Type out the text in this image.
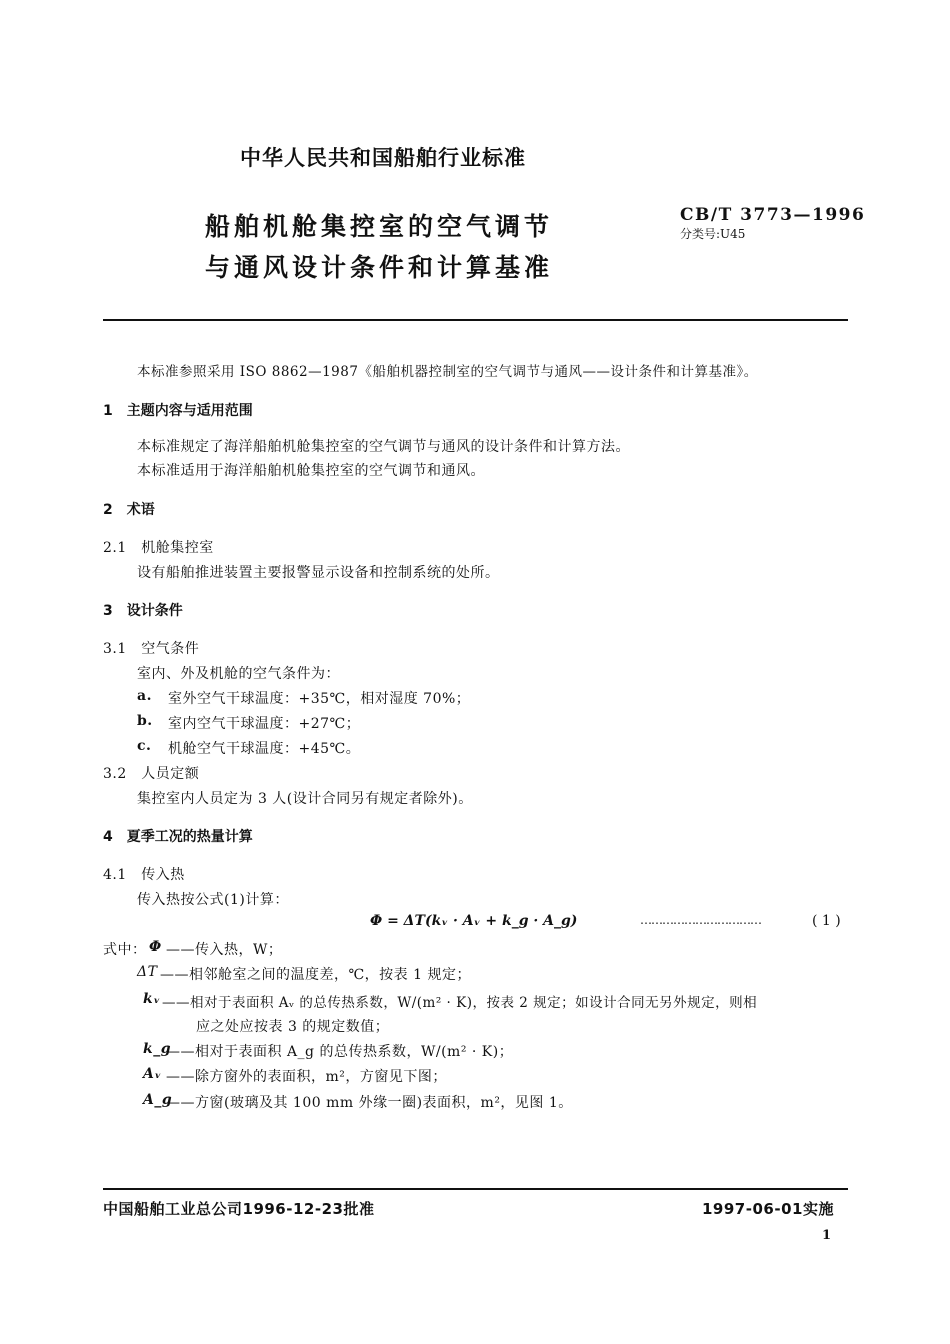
中华人民共和国船舶行业标准
船舶机舱集控室的空气调节
与通风设计条件和计算基准
CB/T 3773—1996
分类号:U45
本标准参照采用 ISO 8862—1987《船舶机器控制室的空气调节与通风——设计条件和计算基准》。
1　主题内容与适用范围
本标准规定了海洋船舶机舱集控室的空气调节与通风的设计条件和计算方法。
本标准适用于海洋船舶机舱集控室的空气调节和通风。
2　术语
2.1　机舱集控室
设有船舶推进装置主要报警显示设备和控制系统的处所。
3　设计条件
3.1　空气条件
室内、外及机舱的空气条件为：
a. 室外空气干球温度：+35℃，相对湿度 70%；
b. 室内空气干球温度：+27℃；
c. 机舱空气干球温度：+45℃。
3.2　人员定额
集控室内人员定为 3 人(设计合同另有规定者除外)。
4　夏季工况的热量计算
4.1　传入热
传入热按公式(1)计算：
Φ = ΔT(kᵥ · Aᵥ + k_g · A_g)	……………………………	( 1 )
式中： Φ ——传入热，W；
ΔT ——相邻舱室之间的温度差，℃，按表 1 规定；
kᵥ ——相对于表面积 Aᵥ 的总传热系数，W/(m² · K)，按表 2 规定；如设计合同无另外规定，则相
应之处应按表 3 的规定数值；
k_g
——相对于表面积 A_g 的总传热系数，W/(m² · K)；
Aᵥ ——除方窗外的表面积，m²，方窗见下图；
A_g
——方窗(玻璃及其 100 mm 外缘一圈)表面积，m²，见图 1。
中国船舶工业总公司1996-12-23批准	1997-06-01实施
1
